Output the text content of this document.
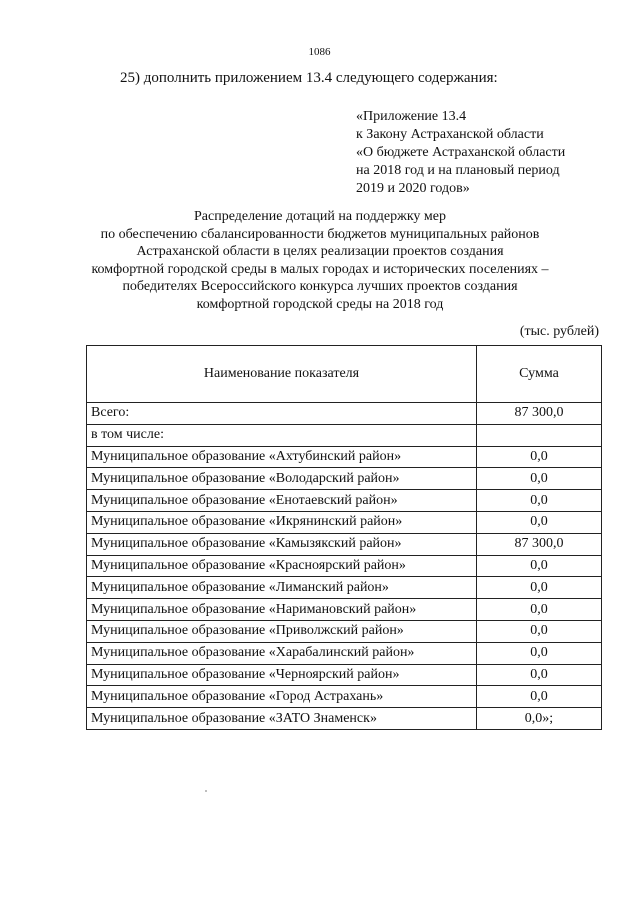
1086
25) дополнить приложением 13.4 следующего содержания:
«Приложение 13.4
к Закону Астраханской области
«О бюджете Астраханской области
на 2018 год и на плановый период
2019 и 2020 годов»
Распределение дотаций на поддержку мер
по обеспечению сбалансированности бюджетов муниципальных районов
Астраханской области в целях реализации проектов создания
комфортной городской среды в малых городах и исторических поселениях –
победителях Всероссийского конкурса лучших проектов создания
комфортной городской среды на 2018 год
(тыс. рублей)
Наименование показателя	Сумма
Всего:	87 300,0
в том числе:	
Муниципальное образование «Ахтубинский район»	0,0
Муниципальное образование «Володарский район»	0,0
Муниципальное образование «Енотаевский район»	0,0
Муниципальное образование «Икрянинский район»	0,0
Муниципальное образование «Камызякский район»	87 300,0
Муниципальное образование «Красноярский район»	0,0
Муниципальное образование «Лиманский район»	0,0
Муниципальное образование «Наримановский район»	0,0
Муниципальное образование «Приволжский район»	0,0
Муниципальное образование «Харабалинский район»	0,0
Муниципальное образование «Черноярский район»	0,0
Муниципальное образование «Город Астрахань»	0,0
Муниципальное образование «ЗАТО Знаменск»	0,0»;
